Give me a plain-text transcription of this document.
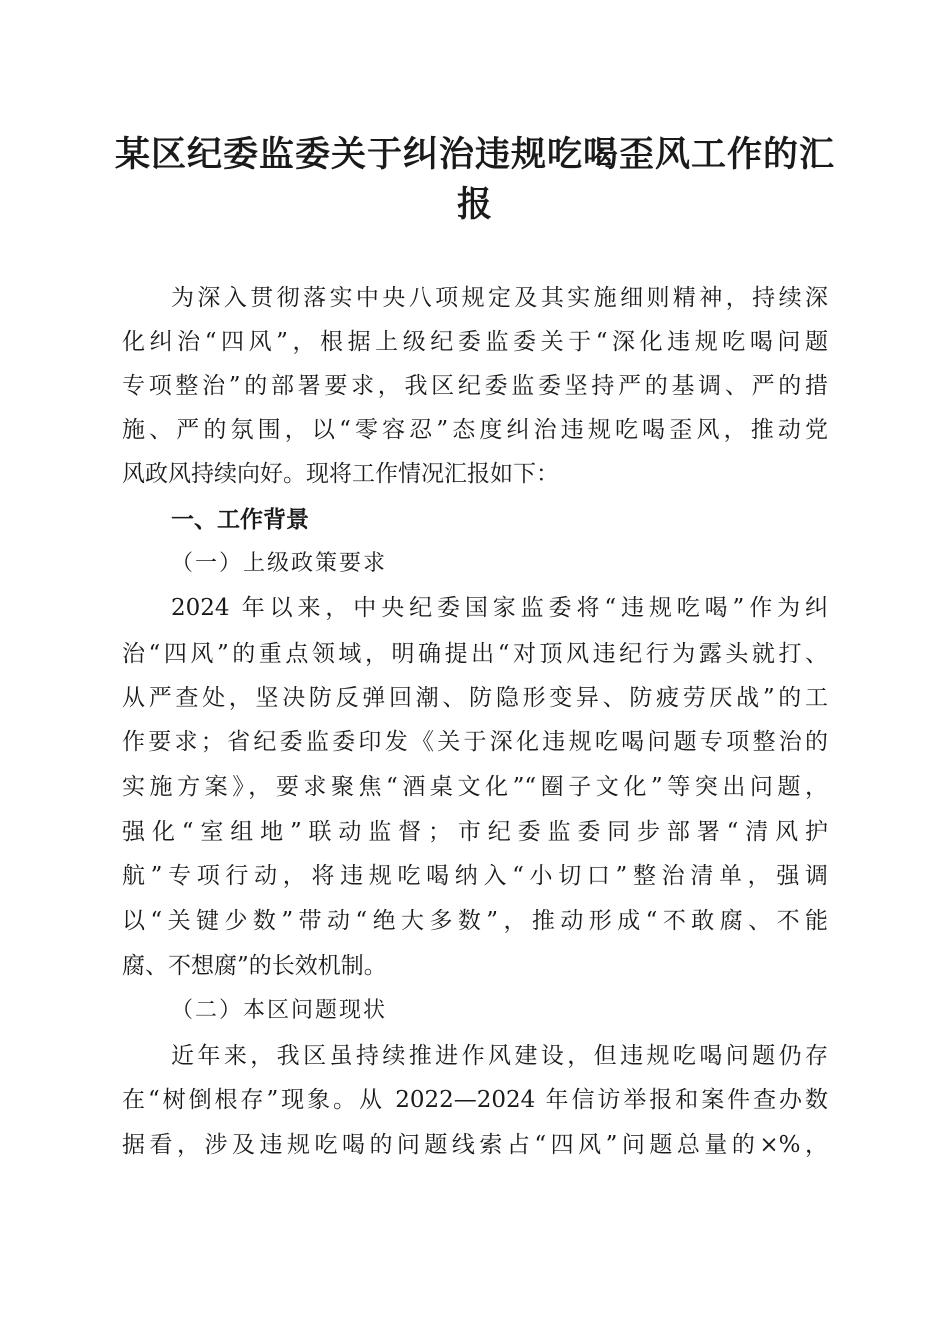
某区纪委监委关于纠治违规吃喝歪风工作的汇
报
为深入贯彻落实中央八项规定及其实施细则精神，持续深
化纠治“四风”，根据上级纪委监委关于“深化违规吃喝问题
专项整治”的部署要求，我区纪委监委坚持严的基调、严的措
施、严的氛围，以“零容忍”态度纠治违规吃喝歪风，推动党
风政风持续向好。现将工作情况汇报如下：
一、工作背景
（一）上级政策要求
2024 年以来，中央纪委国家监委将“违规吃喝”作为纠
治“四风”的重点领域，明确提出“对顶风违纪行为露头就打、
从严查处，坚决防反弹回潮、防隐形变异、防疲劳厌战”的工
作要求；省纪委监委印发《关于深化违规吃喝问题专项整治的
实施方案》，要求聚焦“酒桌文化”“圈子文化”等突出问题，
强化“室组地”联动监督；市纪委监委同步部署“清风护
航”专项行动，将违规吃喝纳入“小切口”整治清单，强调
以“关键少数”带动“绝大多数”，推动形成“不敢腐、不能
腐、不想腐”的长效机制。
（二）本区问题现状
近年来，我区虽持续推进作风建设，但违规吃喝问题仍存
在“树倒根存”现象。从 2022—2024 年信访举报和案件查办数
据看，涉及违规吃喝的问题线索占“四风”问题总量的×%，
